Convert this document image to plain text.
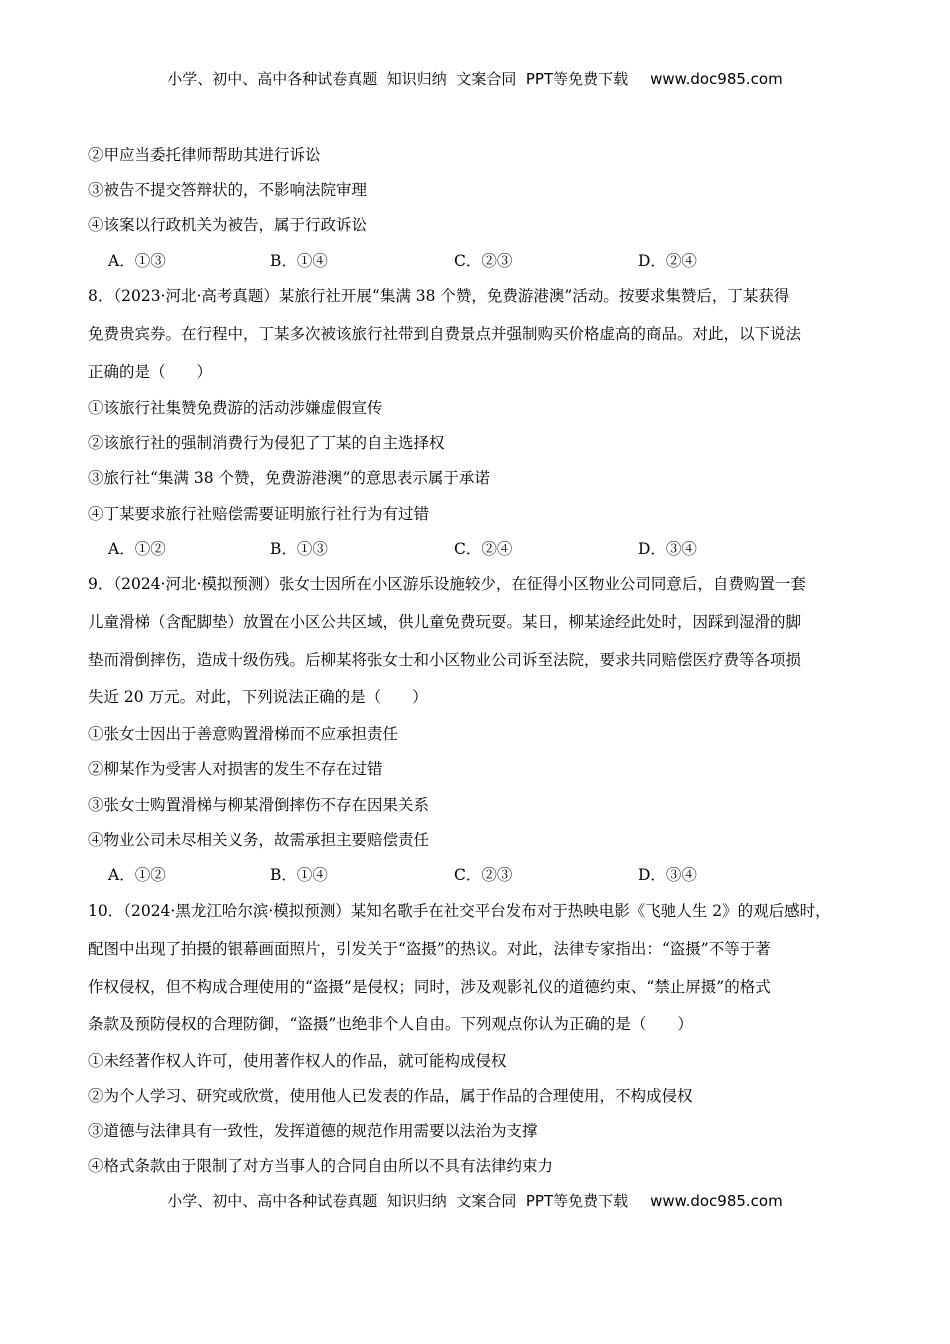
小学、初中、高中各种试卷真题  知识归纳  文案合同  PPT等免费下载 www.doc985.com
②甲应当委托律师帮助其进行诉讼
③被告不提交答辩状的，不影响法院审理
④该案以行政机关为被告，属于行政诉讼
A．①③	B．①④	C．②③	D．②④
8．（2023·河北·高考真题）某旅行社开展“集满 38 个赞，免费游港澳”活动。按要求集赞后，丁某获得
免费贵宾券。在行程中，丁某多次被该旅行社带到自费景点并强制购买价格虚高的商品。对此，以下说法
正确的是（　　）
①该旅行社集赞免费游的活动涉嫌虚假宣传
②该旅行社的强制消费行为侵犯了丁某的自主选择权
③旅行社“集满 38 个赞，免费游港澳”的意思表示属于承诺
④丁某要求旅行社赔偿需要证明旅行社行为有过错
A．①②	B．①③	C．②④	D．③④
9．（2024·河北·模拟预测）张女士因所在小区游乐设施较少，在征得小区物业公司同意后，自费购置一套
儿童滑梯（含配脚垫）放置在小区公共区域，供儿童免费玩耍。某日，柳某途经此处时，因踩到湿滑的脚
垫而滑倒摔伤，造成十级伤残。后柳某将张女士和小区物业公司诉至法院，要求共同赔偿医疗费等各项损
失近 20 万元。对此，下列说法正确的是（　　）
①张女士因出于善意购置滑梯而不应承担责任
②柳某作为受害人对损害的发生不存在过错
③张女士购置滑梯与柳某滑倒摔伤不存在因果关系
④物业公司未尽相关义务，故需承担主要赔偿责任
A．①②	B．①④	C．②③	D．③④
10．（2024·黑龙江哈尔滨·模拟预测）某知名歌手在社交平台发布对于热映电影《飞驰人生 2》的观后感时，
配图中出现了拍摄的银幕画面照片，引发关于“盗摄”的热议。对此，法律专家指出：“盗摄”不等于著
作权侵权，但不构成合理使用的“盗摄”是侵权；同时，涉及观影礼仪的道德约束、“禁止屏摄”的格式
条款及预防侵权的合理防御，“盗摄”也绝非个人自由。下列观点你认为正确的是（　　）
①未经著作权人许可，使用著作权人的作品，就可能构成侵权
②为个人学习、研究或欣赏，使用他人已发表的作品，属于作品的合理使用，不构成侵权
③道德与法律具有一致性，发挥道德的规范作用需要以法治为支撑
④格式条款由于限制了对方当事人的合同自由所以不具有法律约束力
小学、初中、高中各种试卷真题  知识归纳  文案合同  PPT等免费下载 www.doc985.com
